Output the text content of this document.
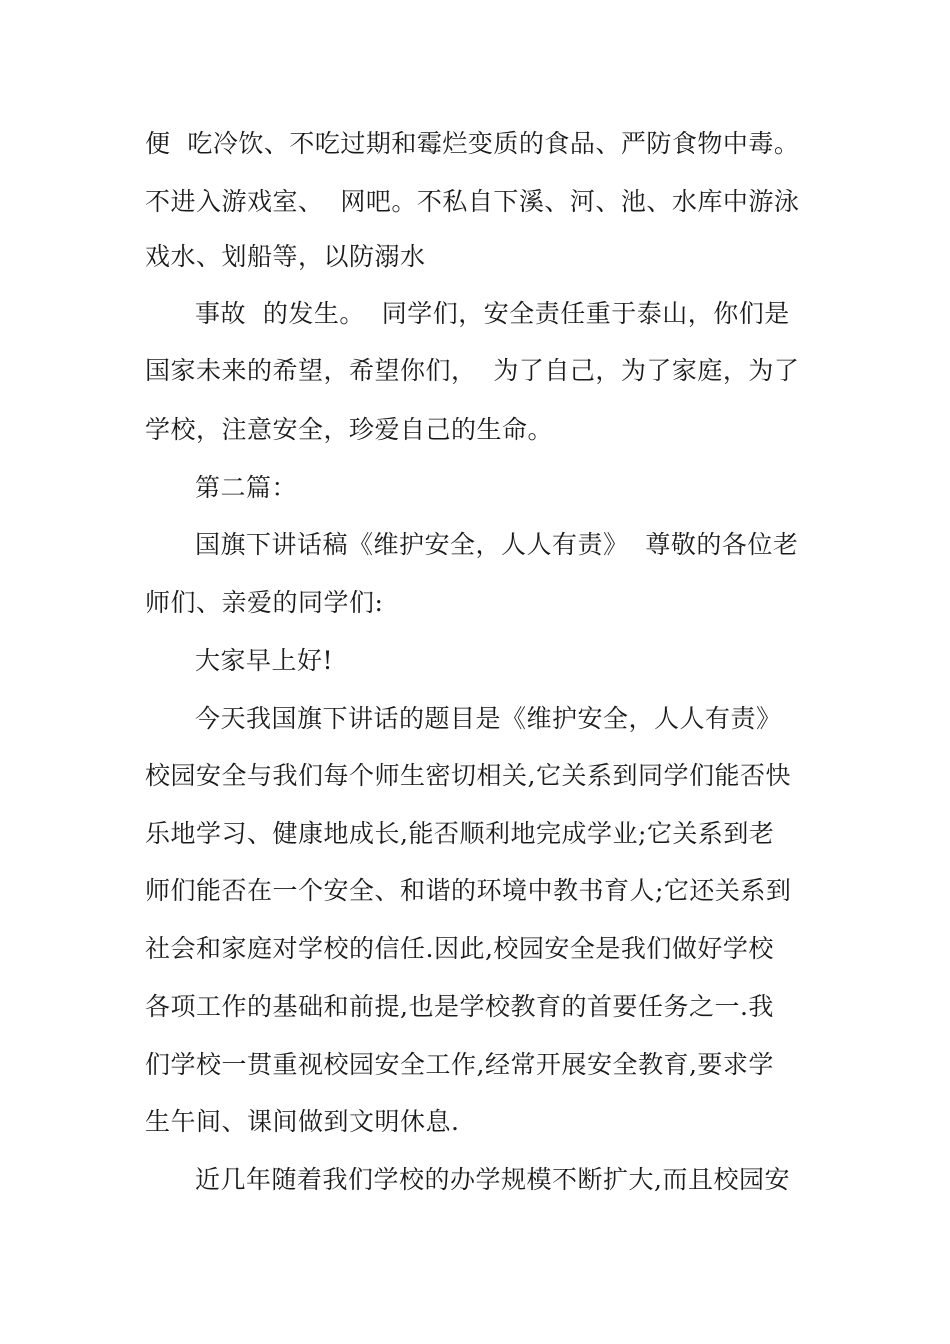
便  吃冷饮、不吃过期和霉烂变质的食品、严防食物中毒。

不进入游戏室、  网吧。不私自下溪、河、池、水库中游泳

戏水、划船等，以防溺水

事故  的发生。  同学们，安全责任重于泰山，你们是

国家未来的希望，希望你们，  为了自己，为了家庭，为了

学校，注意安全，珍爱自己的生命。

第二篇：

国旗下讲话稿《维护安全，人人有责》  尊敬的各位老

师们、亲爱的同学们:

大家早上好!

今天我国旗下讲话的题目是《维护安全，人人有责》

校园安全与我们每个师生密切相关,它关系到同学们能否快

乐地学习、健康地成长,能否顺利地完成学业;它关系到老

师们能否在一个安全、和谐的环境中教书育人;它还关系到

社会和家庭对学校的信任.因此,校园安全是我们做好学校

各项工作的基础和前提,也是学校教育的首要任务之一.我

们学校一贯重视校园安全工作,经常开展安全教育,要求学

生午间、课间做到文明休息.

近几年随着我们学校的办学规模不断扩大,而且校园安
